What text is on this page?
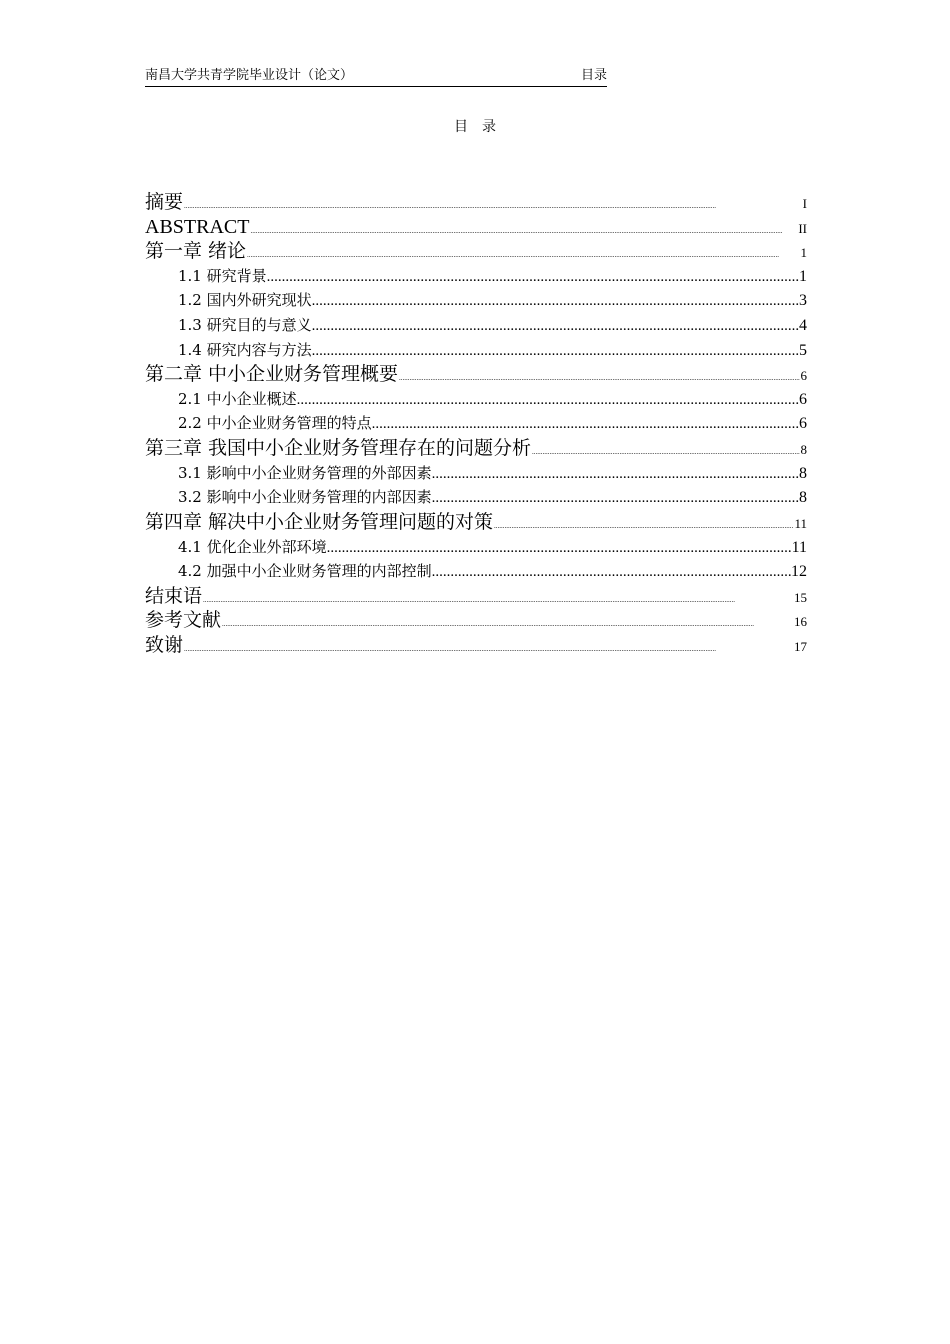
南昌大学共青学院毕业设计（论文）	目录
目录
摘要 .....	I
ABSTRACT .....	II
第一章 绪论 .....	1
1.1 研究背景 .....	1
1.2 国内外研究现状 .....	3
1.3 研究目的与意义 .....	4
1.4 研究内容与方法 .....	5
第二章 中小企业财务管理概要 .....	6
2.1 中小企业概述 .....	6
2.2 中小企业财务管理的特点 .....	6
第三章 我国中小企业财务管理存在的问题分析 .....	8
3.1 影响中小企业财务管理的外部因素 .....	8
3.2 影响中小企业财务管理的内部因素 .....	8
第四章 解决中小企业财务管理问题的对策 .....	11
4.1 优化企业外部环境 .....	11
4.2 加强中小企业财务管理的内部控制 .....	12
结束语 .....	15
参考文献 .....	16
致谢 .....	17
